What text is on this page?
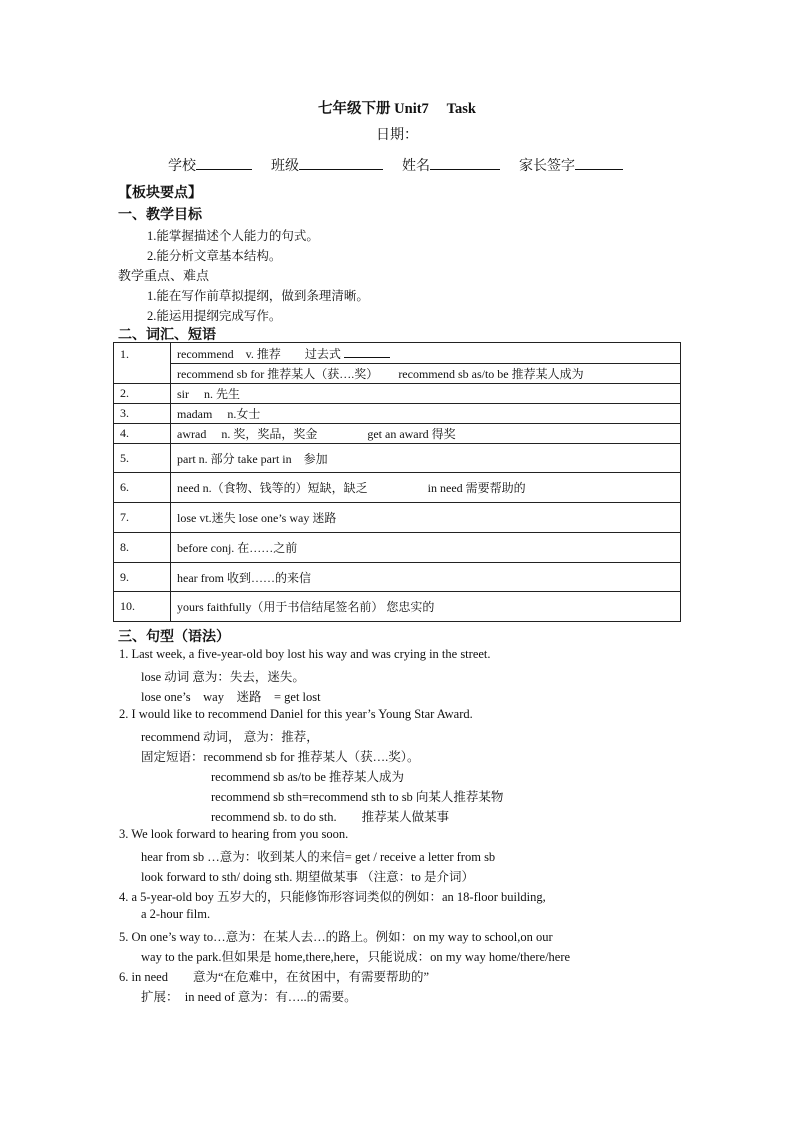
七年级下册 Unit7　 Task
日期：
学校	班级	姓名	家长签字
【板块要点】
一、教学目标
1.能掌握描述个人能力的句式。
2.能分析文章基本结构。
教学重点、难点
1.能在写作前草拟提纲，做到条理清晰。
2.能运用提纲完成写作。
二、词汇、短语
1.	recommend　v. 推荐　　过去式
	recommend sb for 推荐某人（获….奖） recommend sb as/to be 推荐某人成为
2.	sir　 n. 先生
3.	madam　 n.女士
4.	awrad　 n. 奖，奖品，奖金 get an award 得奖
5.	part n. 部分 take part in　参加
6.	need n.（食物、钱等的）短缺，缺乏 in need 需要帮助的
7.	lose vt.迷失 lose one’s way 迷路
8.	before conj. 在……之前
9.	hear from 收到……的来信
10.	yours faithfully（用于书信结尾签名前） 您忠实的
三、句型（语法）
1. Last week, a five-year-old boy lost his way and was crying in the street.
lose 动词 意为：失去，迷失。
lose one’s　way　迷路　= get lost
2. I would like to recommend Daniel for this year’s Young Star Award.
recommend 动词， 意为：推荐，
固定短语：recommend sb for 推荐某人（获….奖）。
recommend sb as/to be 推荐某人成为
recommend sb sth=recommend sth to sb 向某人推荐某物
recommend sb. to do sth.　　推荐某人做某事
3. We look forward to hearing from you soon.
hear from sb …意为：收到某人的来信= get / receive a letter from sb
look forward to sth/ doing sth. 期望做某事 （注意：to 是介词）
4. a 5-year-old boy 五岁大的，只能修饰形容词类似的例如：an 18-floor building,
a 2-hour film.
5. On one’s way to…意为：在某人去…的路上。例如：on my way to school,on our
way to the park.但如果是 home,there,here，只能说成：on my way home/there/here
6. in need　　意为“在危难中，在贫困中，有需要帮助的”
扩展：　in need of 意为：有…..的需要。
